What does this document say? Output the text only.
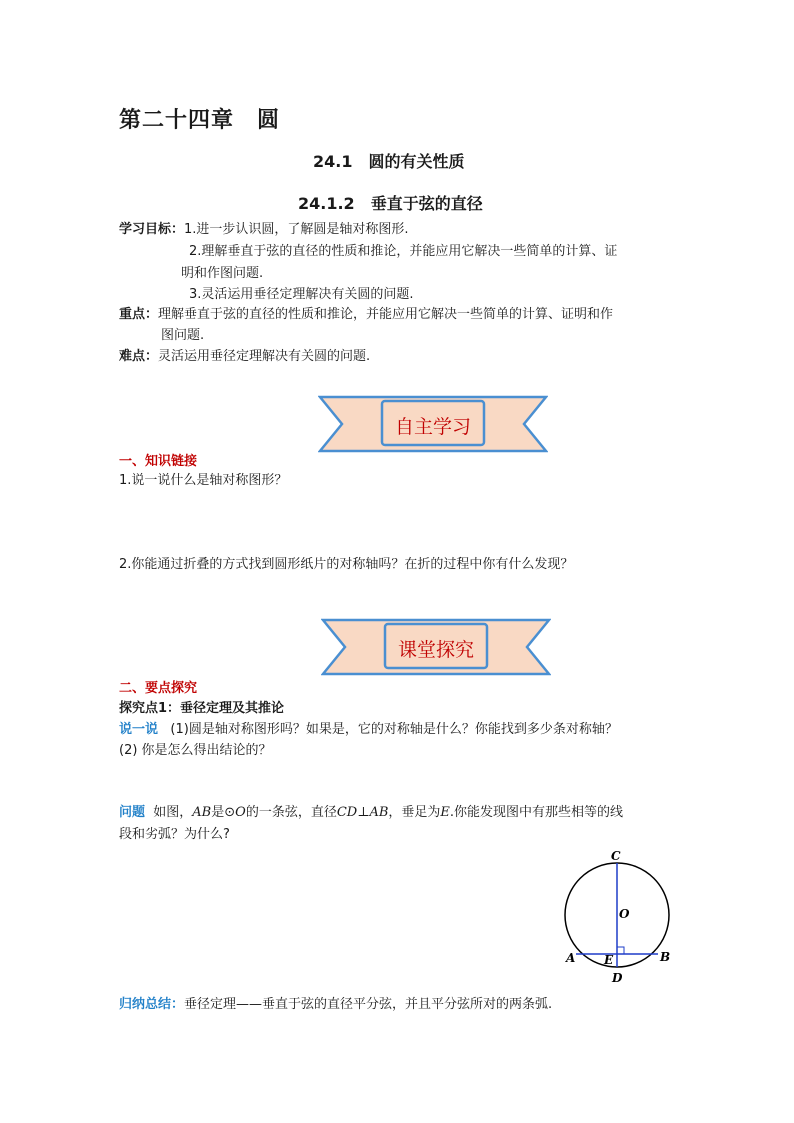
第二十四章　圆
24.1　圆的有关性质
24.1.2　垂直于弦的直径
学习目标：1.进一步认识圆，了解圆是轴对称图形.
2.理解垂直于弦的直径的性质和推论，并能应用它解决一些简单的计算、证
明和作图问题.
3.灵活运用垂径定理解决有关圆的问题.
重点：理解垂直于弦的直径的性质和推论，并能应用它解决一些简单的计算、证明和作
图问题.
难点：灵活运用垂径定理解决有关圆的问题.
自主学习
一、知识链接
1.说一说什么是轴对称图形？
2.你能通过折叠的方式找到圆形纸片的对称轴吗？在折的过程中你有什么发现？
课堂探究
二、要点探究
探究点1：垂径定理及其推论
说一说 (1)圆是轴对称图形吗？如果是，它的对称轴是什么？你能找到多少条对称轴？
(2) 你是怎么得出结论的？
问题 如图，AB是⊙O的一条弦，直径CD⊥AB，垂足为E.你能发现图中有那些相等的线
段和劣弧？为什么?
C
O
A E
D
B
归纳总结：垂径定理——垂直于弦的直径平分弦，并且平分弦所对的两条弧.
